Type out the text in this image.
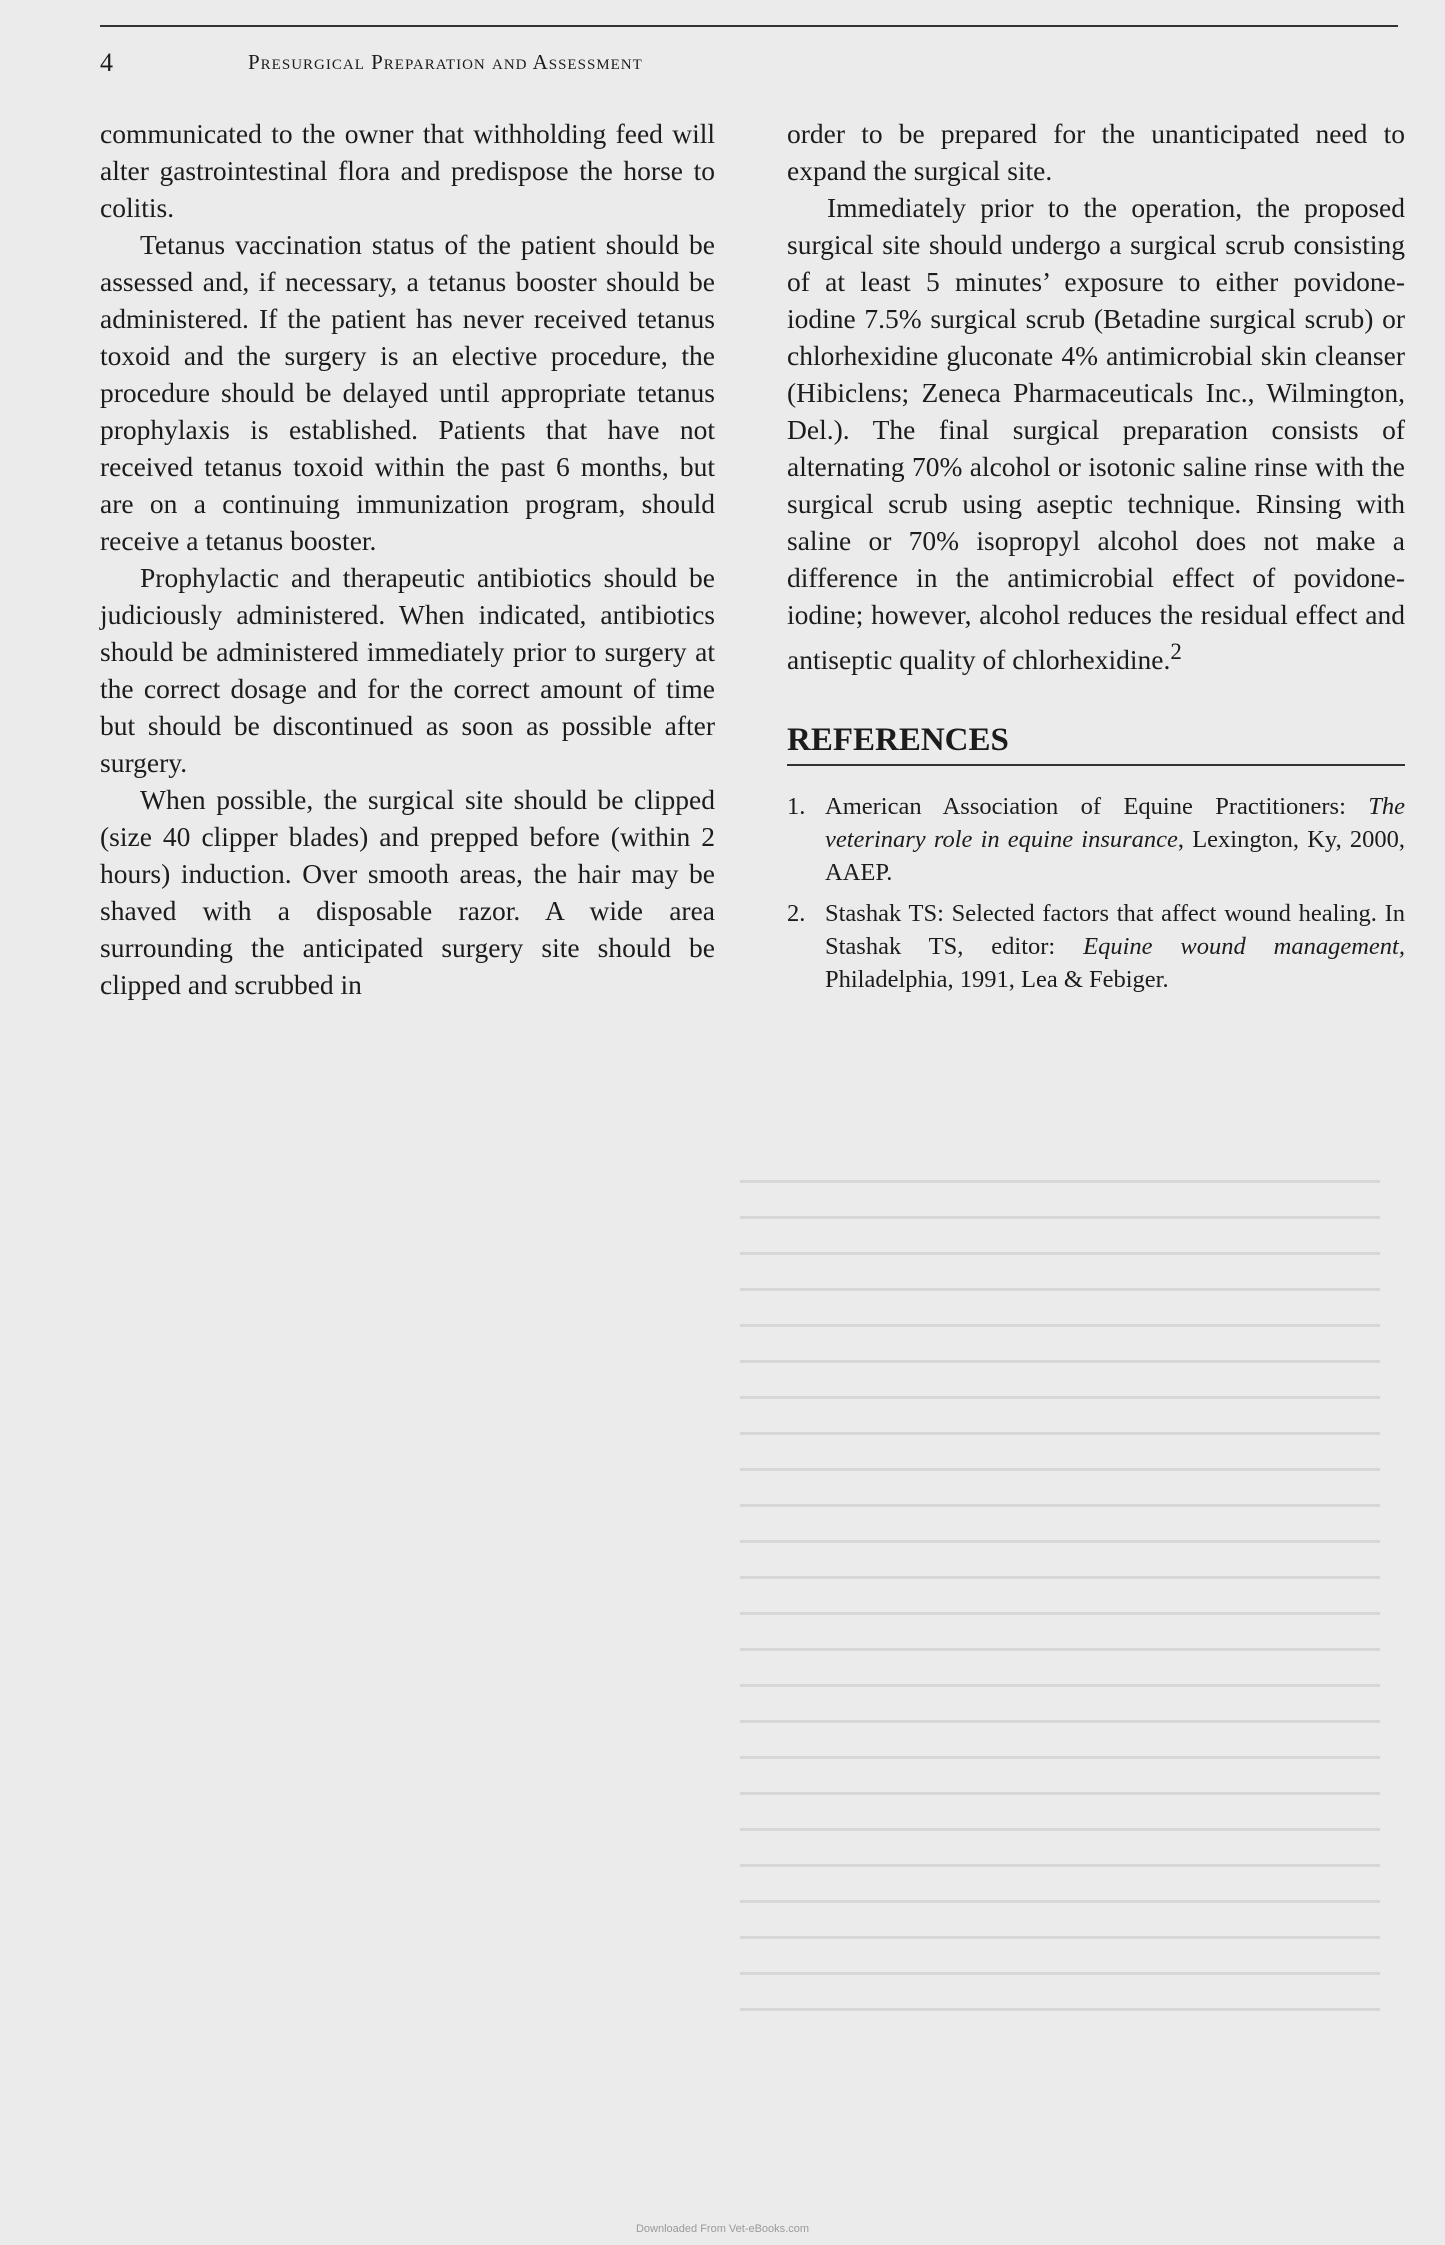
4	Presurgical Preparation and Assessment

communicated to the owner that withholding feed will alter gastrointestinal flora and predispose the horse to colitis.

Tetanus vaccination status of the patient should be assessed and, if necessary, a tetanus booster should be administered. If the patient has never received tetanus toxoid and the surgery is an elective procedure, the procedure should be delayed until appropriate tetanus prophylaxis is established. Patients that have not received tetanus toxoid within the past 6 months, but are on a continuing immunization program, should receive a tetanus booster.

Prophylactic and therapeutic antibiotics should be judiciously administered. When indicated, antibiotics should be administered immediately prior to surgery at the correct dosage and for the correct amount of time but should be discontinued as soon as possible after surgery.

When possible, the surgical site should be clipped (size 40 clipper blades) and prepped before (within 2 hours) induction. Over smooth areas, the hair may be shaved with a disposable razor. A wide area surrounding the anticipated surgery site should be clipped and scrubbed in

order to be prepared for the unanticipated need to expand the surgical site.

Immediately prior to the operation, the proposed surgical site should undergo a surgical scrub consisting of at least 5 minutes’ exposure to either povidone-iodine 7.5% surgical scrub (Betadine surgical scrub) or chlorhexidine gluconate 4% antimicrobial skin cleanser (Hibiclens; Zeneca Pharmaceuticals Inc., Wilmington, Del.). The final surgical preparation consists of alternating 70% alcohol or isotonic saline rinse with the surgical scrub using aseptic technique. Rinsing with saline or 70% isopropyl alcohol does not make a difference in the antimicrobial effect of povidone-iodine; however, alcohol reduces the residual effect and antiseptic quality of chlorhexidine.$^2$

REFERENCES
1. American Association of Equine Practitioners: The veterinary role in equine insurance, Lexington, Ky, 2000, AAEP.
2. Stashak TS: Selected factors that affect wound healing. In Stashak TS, editor: Equine wound management, Philadelphia, 1991, Lea & Febiger.
Downloaded From Vet-eBooks.com
